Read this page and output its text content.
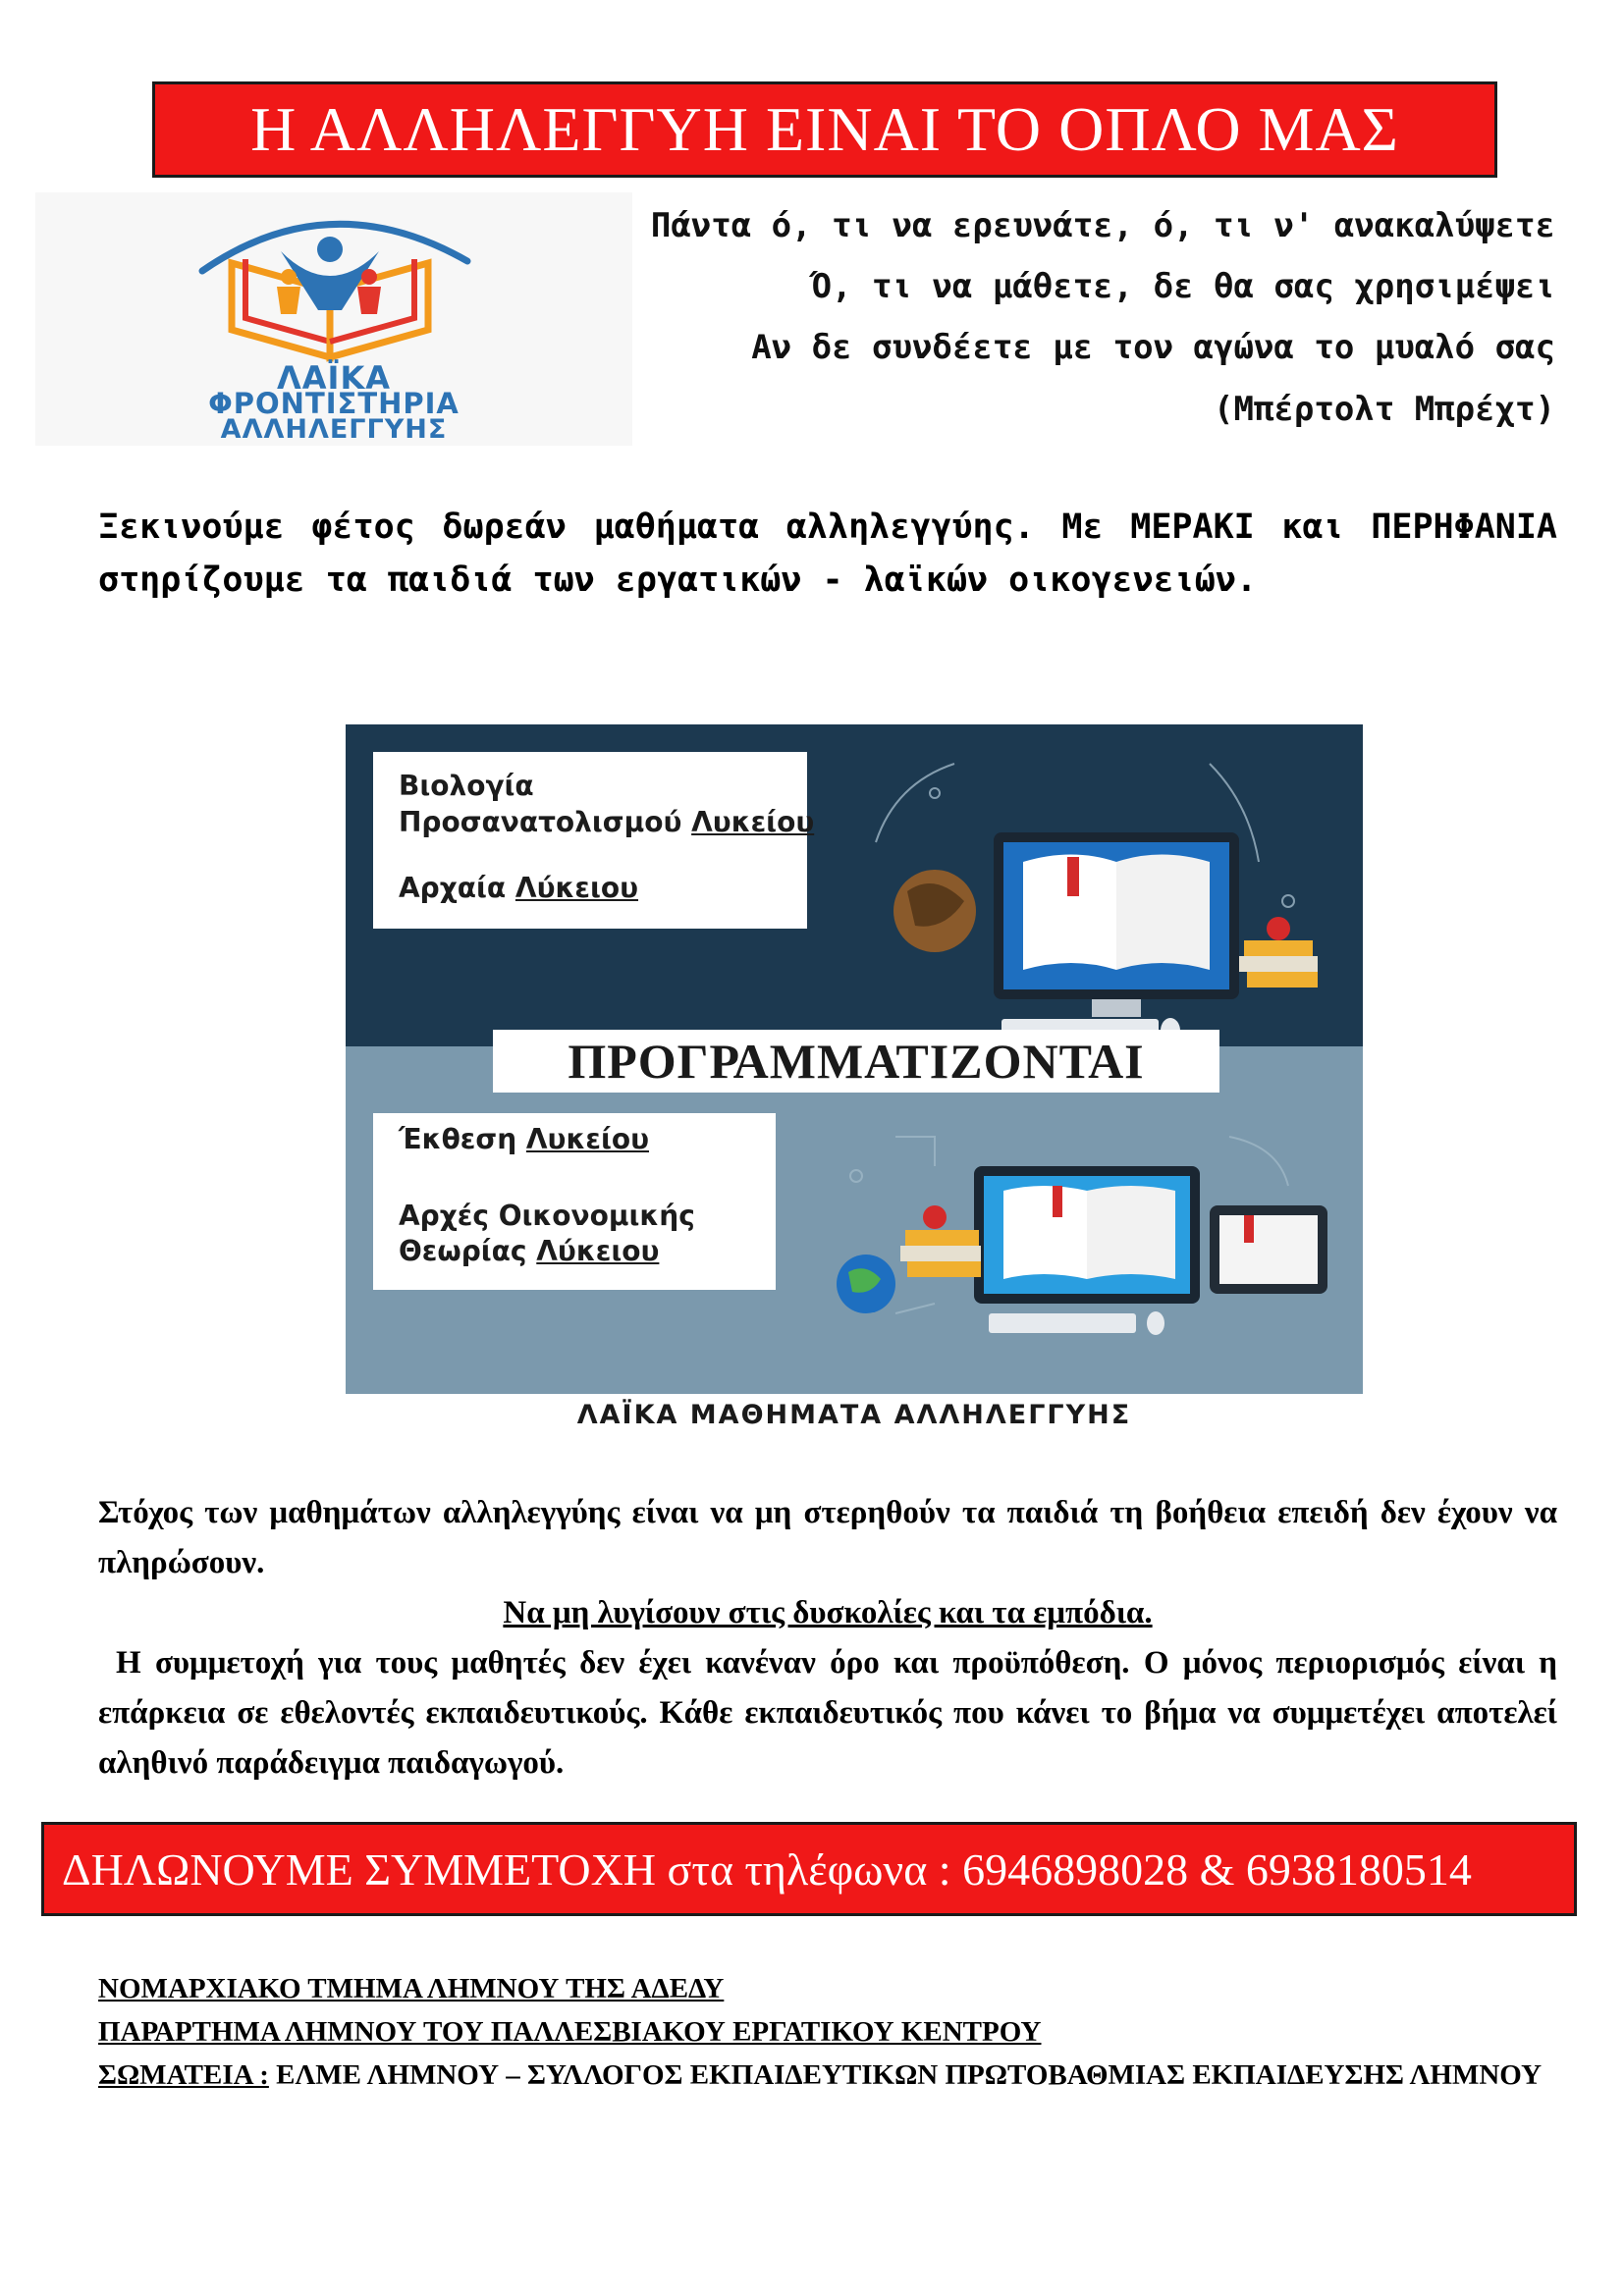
Η ΑΛΛΗΛΕΓΓΥΗ ΕΙΝΑΙ ΤΟ ΟΠΛΟ ΜΑΣ
ΛΑΪΚΑ
ΦΡΟΝΤΙΣΤΗΡΙΑ
ΑΛΛΗΛΕΓΓΥΗΣ
Πάντα ό, τι να ερευνάτε, ό, τι ν' ανακαλύψετε
Ό, τι να μάθετε, δε θα σας χρησιμέψει
Αν δε συνδέετε με τον αγώνα το μυαλό σας
(Μπέρτολτ Μπρέχτ)
Ξεκινούμε φέτος δωρεάν μαθήματα αλληλεγγύης. Με ΜΕΡΑΚΙ και ΠΕΡΗΦΑΝΙΑ στηρίζουμε τα παιδιά των εργατικών - λαϊκών οικογενειών.
Βιολογία
Προσανατολισμού Λυκείου
Αρχαία Λύκειου
ΠΡΟΓΡΑΜΜΑΤΙΖΟΝΤΑΙ
Έκθεση Λυκείου
Αρχές Οικονομικής
Θεωρίας Λύκειου
ΛΑΪΚΑ ΜΑΘΗΜΑΤΑ ΑΛΛΗΛΕΓΓΥΗΣ

Στόχος των μαθημάτων αλληλεγγύης είναι να μη στερηθούν τα παιδιά τη βοήθεια επειδή δεν έχουν να πληρώσουν.

Να μη λυγίσουν στις δυσκολίες και τα εμπόδια.

Η συμμετοχή για τους μαθητές δεν έχει κανέναν όρο και προϋπόθεση. Ο μόνος περιορισμός είναι η επάρκεια σε εθελοντές εκπαιδευτικούς. Κάθε εκπαιδευτικός που κάνει το βήμα να συμμετέχει αποτελεί αληθινό παράδειγμα παιδαγωγού.

ΔΗΛΩΝΟΥΜΕ ΣΥΜΜΕΤΟΧΗ στα τηλέφωνα : 6946898028 & 6938180514
ΝΟΜΑΡΧΙΑΚΟ ΤΜΗΜΑ ΛΗΜΝΟΥ ΤΗΣ ΑΔΕΔΥ
ΠΑΡΑΡΤΗΜΑ ΛΗΜΝΟΥ ΤΟΥ ΠΑΛΛΕΣΒΙΑΚΟΥ ΕΡΓΑΤΙΚΟΥ ΚΕΝΤΡΟΥ
ΣΩΜΑΤΕΙΑ : ΕΛΜΕ ΛΗΜΝΟΥ – ΣΥΛΛΟΓΟΣ ΕΚΠΑΙΔΕΥΤΙΚΩΝ ΠΡΩΤΟΒΑΘΜΙΑΣ ΕΚΠΑΙΔΕΥΣΗΣ ΛΗΜΝΟΥ
